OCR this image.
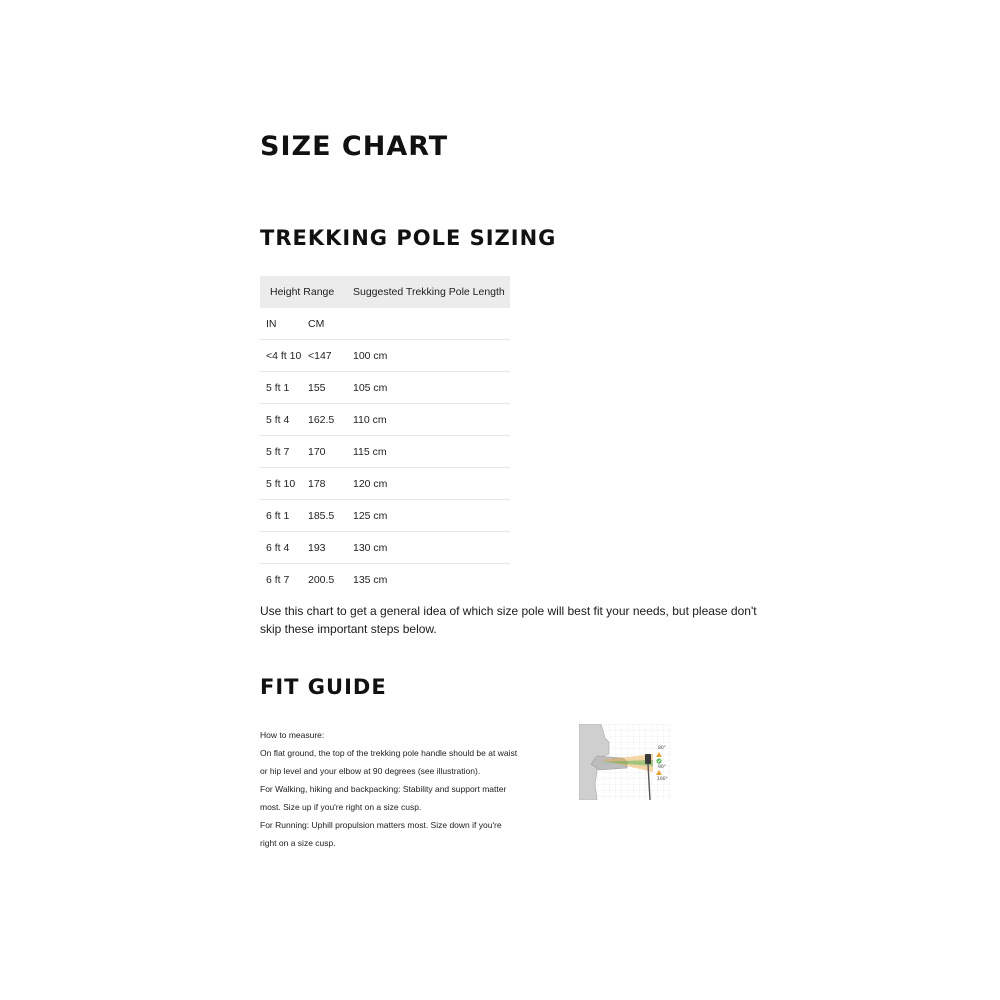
SIZE CHART
TREKKING POLE SIZING
Height Range		Suggested Trekking Pole Length
IN	CM	
<4 ft 10	<147	100 cm
5 ft 1	155	105 cm
5 ft 4	162.5	110 cm
5 ft 7	170	115 cm
5 ft 10	178	120 cm
6 ft 1	185.5	125 cm
6 ft 4	193	130 cm
6 ft 7	200.5	135 cm

Use this chart to get a general idea of which size pole will best fit your needs, but please don't skip these important steps below.

FIT GUIDE

How to measure:

On flat ground, the top of the trekking pole handle should be at waist or hip level and your elbow at 90 degrees (see illustration).

For Walking, hiking and backpacking: Stability and support matter most. Size up if you're right on a size cusp.

For Running: Uphill propulsion matters most. Size down if you're right on a size cusp.

80°
90°
100°
